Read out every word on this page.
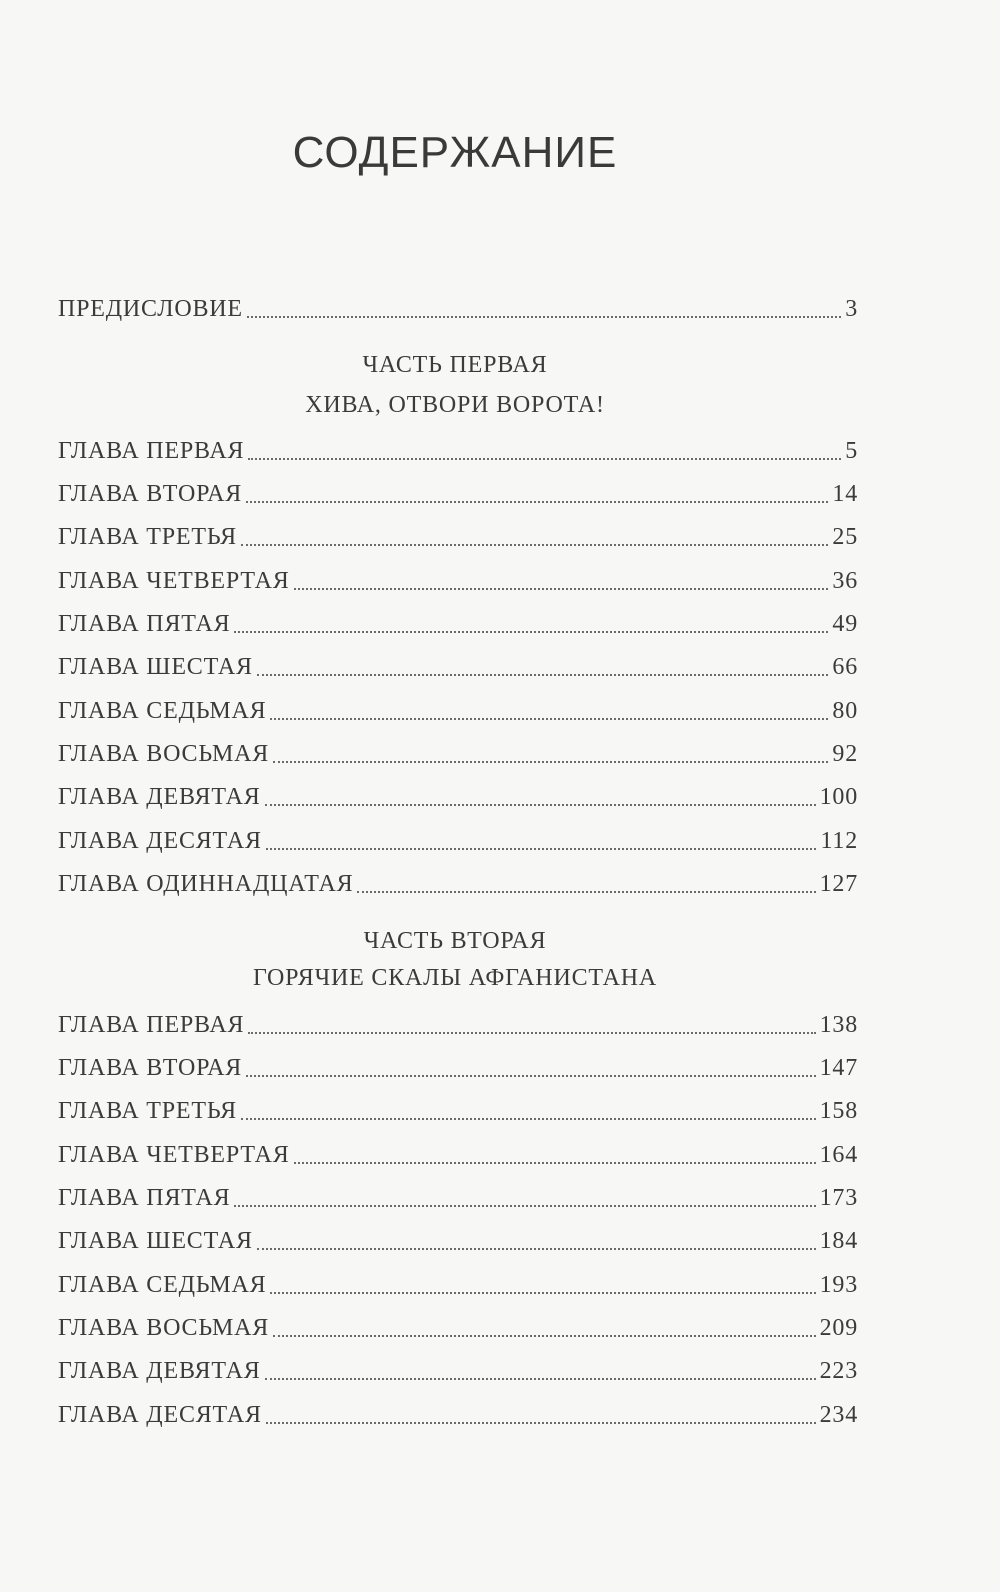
СОДЕРЖАНИЕ
ПРЕДИСЛОВИЕ	3
ЧАСТЬ ПЕРВАЯ
ХИВА, ОТВОРИ ВОРОТА!
ГЛАВА ПЕРВАЯ	5
ГЛАВА ВТОРАЯ	14
ГЛАВА ТРЕТЬЯ	25
ГЛАВА ЧЕТВЕРТАЯ	36
ГЛАВА ПЯТАЯ	49
ГЛАВА ШЕСТАЯ	66
ГЛАВА СЕДЬМАЯ	80
ГЛАВА ВОСЬМАЯ	92
ГЛАВА ДЕВЯТАЯ	100
ГЛАВА ДЕСЯТАЯ	112
ГЛАВА ОДИННАДЦАТАЯ	127
ЧАСТЬ ВТОРАЯ
ГОРЯЧИЕ СКАЛЫ АФГАНИСТАНА
ГЛАВА ПЕРВАЯ	138
ГЛАВА ВТОРАЯ	147
ГЛАВА ТРЕТЬЯ	158
ГЛАВА ЧЕТВЕРТАЯ	164
ГЛАВА ПЯТАЯ	173
ГЛАВА ШЕСТАЯ	184
ГЛАВА СЕДЬМАЯ	193
ГЛАВА ВОСЬМАЯ	209
ГЛАВА ДЕВЯТАЯ	223
ГЛАВА ДЕСЯТАЯ	234
